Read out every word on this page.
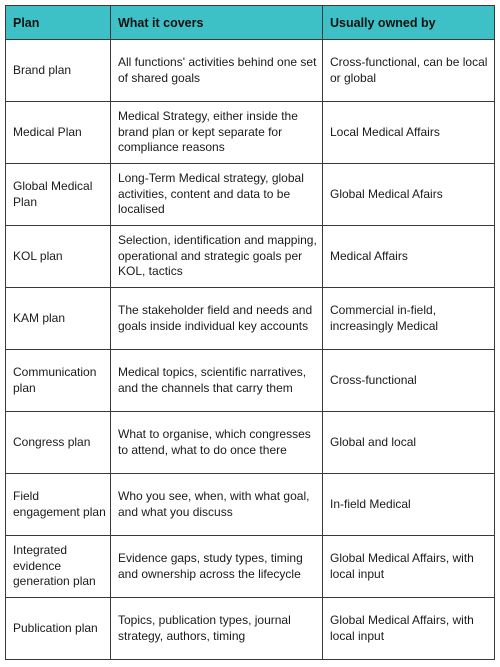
Plan	What it covers	Usually owned by
Brand plan	All functions' activities behind one set of shared goals	Cross-functional, can be local or global
Medical Plan	Medical Strategy, either inside the brand plan or kept separate for compliance reasons	Local Medical Affairs
Global Medical Plan	Long-Term Medical strategy, global activities, content and data to be localised	Global Medical Afairs
KOL plan	Selection, identification and mapping, operational and strategic goals per KOL, tactics	Medical Affairs
KAM plan	The stakeholder field and needs and goals inside individual key accounts	Commercial in-field, increasingly Medical
Communication plan	Medical topics, scientific narratives, and the channels that carry them	Cross-functional
Congress plan	What to organise, which congresses to attend, what to do once there	Global and local
Field engagement plan	Who you see, when, with what goal, and what you discuss	In-field Medical
Integrated evidence generation plan	Evidence gaps, study types, timing and ownership across the lifecycle	Global Medical Affairs, with local input
Publication plan	Topics, publication types, journal strategy, authors, timing	Global Medical Affairs, with local input
